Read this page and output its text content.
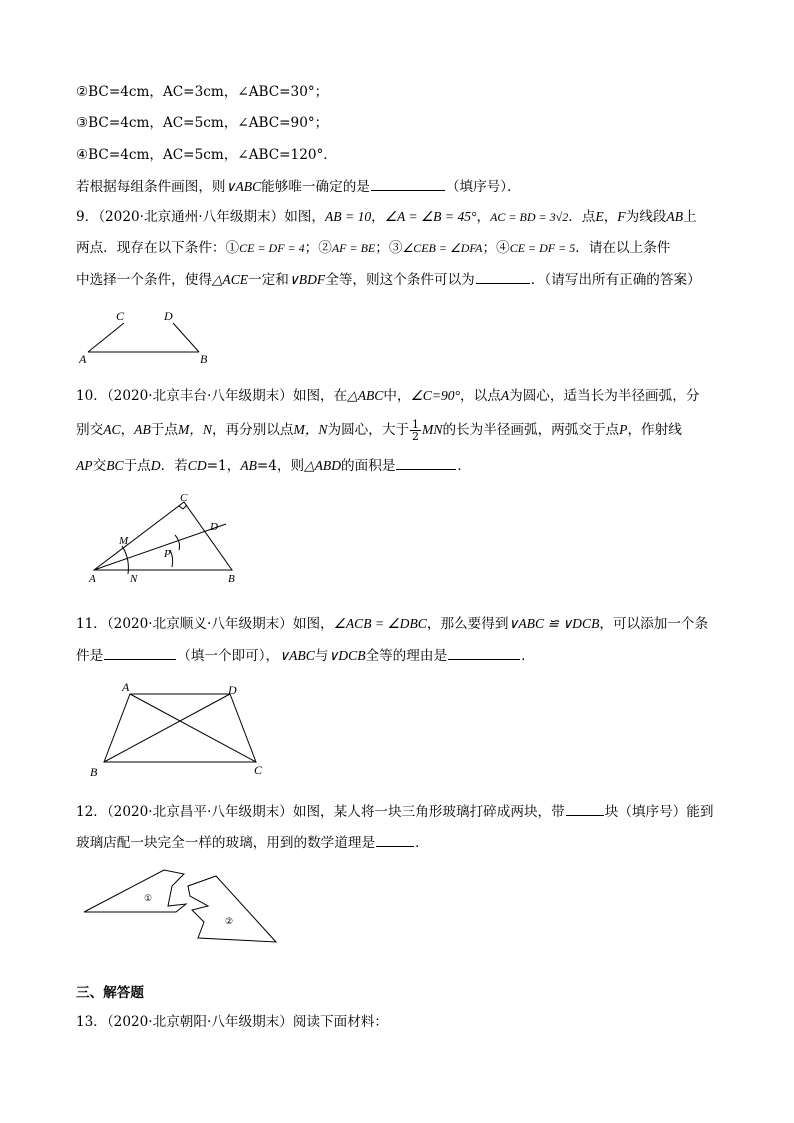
②BC=4cm，AC=3cm，∠ABC=30°；
③BC=4cm，AC=5cm，∠ABC=90°；
④BC=4cm，AC=5cm，∠ABC=120°．
若根据每组条件画图，则∨ABC能够唯一确定的是	（填序号）．
9．（2020·北京通州·八年级期末）如图，AB = 10，∠A = ∠B = 45°，AC = BD = 3√2．点E，F为线段AB上
两点．现存在以下条件：①CE = DF = 4；②AF = BE；③∠CEB = ∠DFA；④CE = DF = 5．请在以上条件
中选择一个条件，使得△ACE一定和∨BDF全等，则这个条件可以为	．（请写出所有正确的答案）
C	D
A	B
10．（2020·北京丰台·八年级期末）如图，在△ABC中，∠C=90°，以点A为圆心，适当长为半径画弧，分
别交AC，AB于点M，N，再分别以点M，N为圆心，大于 $\frac{1}{2}$ MN的长为半径画弧，两弧交于点P，作射线
AP交BC于点D．若CD=1，AB=4，则△ABD的面积是	．
C
D
M
P
A	N	B
11．（2020·北京顺义·八年级期末）如图，∠ACB = ∠DBC，那么要得到∨ABC ≌ ∨DCB，可以添加一个条
件是	（填一个即可），∨ABC与∨DCB全等的理由是	．
A	D
B	C
12．（2020·北京昌平·八年级期末）如图，某人将一块三角形玻璃打碎成两块，带	块（填序号）能到
玻璃店配一块完全一样的玻璃，用到的数学道理是	．
①
②
三、解答题
13．（2020·北京朝阳·八年级期末）阅读下面材料：
